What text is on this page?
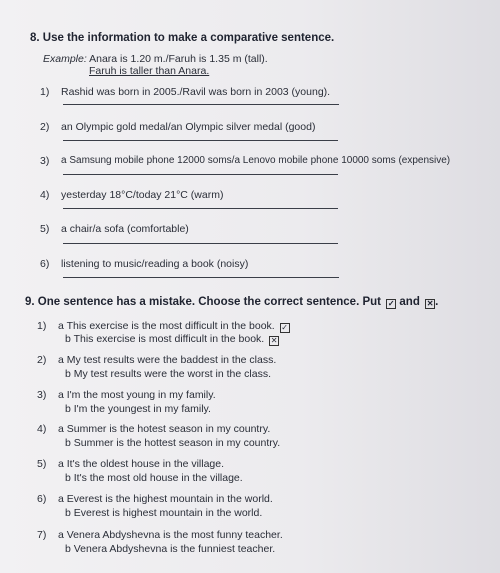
8. Use the information to make a comparative sentence.
Example: Anara is 1.20 m./Faruh is 1.35 m (tall).
Faruh is taller than Anara.
1) Rashid was born in 2005./Ravil was born in 2003 (young).
2) an Olympic gold medal/an Olympic silver medal (good)
3) a Samsung mobile phone 12000 soms/a Lenovo mobile phone 10000 soms (expensive)
4) yesterday 18°C/today 21°C (warm)
5) a chair/a sofa (comfortable)
6) listening to music/reading a book (noisy)
9. One sentence has a mistake. Choose the correct sentence. Put ✓ and ✕ .
1) a This exercise is the most difficult in the book. ✓
b This exercise is most difficult in the book. ✕
2) a My test results were the baddest in the class.
b My test results were the worst in the class.
3) a I'm the most young in my family.
b I'm the youngest in my family.
4) a Summer is the hotest season in my country.
b Summer is the hottest season in my country.
5) a It's the oldest house in the village.
b It's the most old house in the village.
6) a Everest is the highest mountain in the world.
b Everest is highest mountain in the world.
7) a Venera Abdyshevna is the most funny teacher.
b Venera Abdyshevna is the funniest teacher.
